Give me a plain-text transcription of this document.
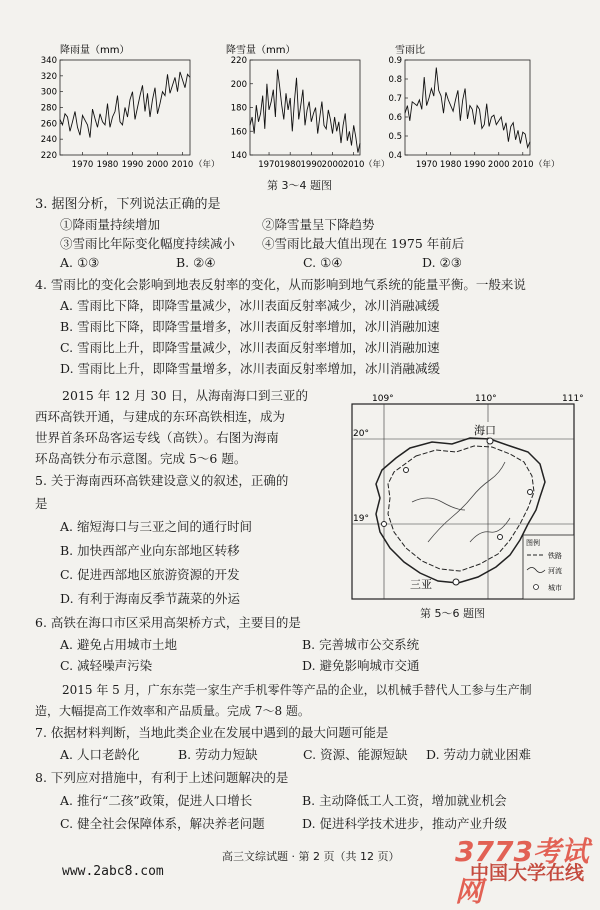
降雨量（mm）
220
240
260
280
300
320
340
1970 1980 1990 2000 2010 （年）
降雪量（mm）
140
160
180
200
220
1970 1980 1990 2000 2010 （年）
雪雨比
0.4
0.5
0.6
0.7
0.8
0.9
1970 1980 1990 2000 2010 （年）
第 3～4 题图
3. 据图分析，下列说法正确的是
①降雨量持续增加	②降雪量呈下降趋势
③雪雨比年际变化幅度持续减小 ④雪雨比最大值出现在 1975 年前后
A. ①③	B. ②④	C. ①④	D. ②③
4. 雪雨比的变化会影响到地表反射率的变化，从而影响到地气系统的能量平衡。一般来说
A. 雪雨比下降，即降雪量减少，冰川表面反射率减少，冰川消融减缓
B. 雪雨比下降，即降雪量增多，冰川表面反射率增加，冰川消融加速
C. 雪雨比上升，即降雪量减少，冰川表面反射率增加，冰川消融加速
D. 雪雨比上升，即降雪量增多，冰川表面反射率增加，冰川消融减缓
2015 年 12 月 30 日，从海南海口到三亚的
西环高铁开通，与建成的东环高铁相连，成为
世界首条环岛客运专线（高铁）。右图为海南
环岛高铁分布示意图。完成 5～6 题。
109°	110°	111°
20°
19°
海口
三亚
图例
铁路
河流
城市
第 5～6 题图
5. 关于海南西环高铁建设意义的叙述，正确的
是
A. 缩短海口与三亚之间的通行时间
B. 加快西部产业向东部地区转移
C. 促进西部地区旅游资源的开发
D. 有利于海南反季节蔬菜的外运
6. 高铁在海口市区采用高架桥方式，主要目的是
A. 避免占用城市土地	B. 完善城市公交系统
C. 减轻噪声污染	D. 避免影响城市交通
2015 年 5 月，广东东莞一家生产手机零件等产品的企业，以机械手替代人工参与生产制
造，大幅提高工作效率和产品质量。完成 7～8 题。
7. 依据材料判断，当地此类企业在发展中遇到的最大问题可能是
A. 人口老龄化	B. 劳动力短缺	C. 资源、能源短缺 D. 劳动力就业困难
8. 下列应对措施中，有利于上述问题解决的是
A. 推行“二孩”政策，促进人口增长	B. 主动降低工人工资，增加就业机会
C. 健全社会保障体系，解决养老问题	D. 促进科学技术进步，推动产业升级
3773考试网
高三文综试题 · 第 2 页（共 12 页）
中国大学在线
www.2abc8.com
